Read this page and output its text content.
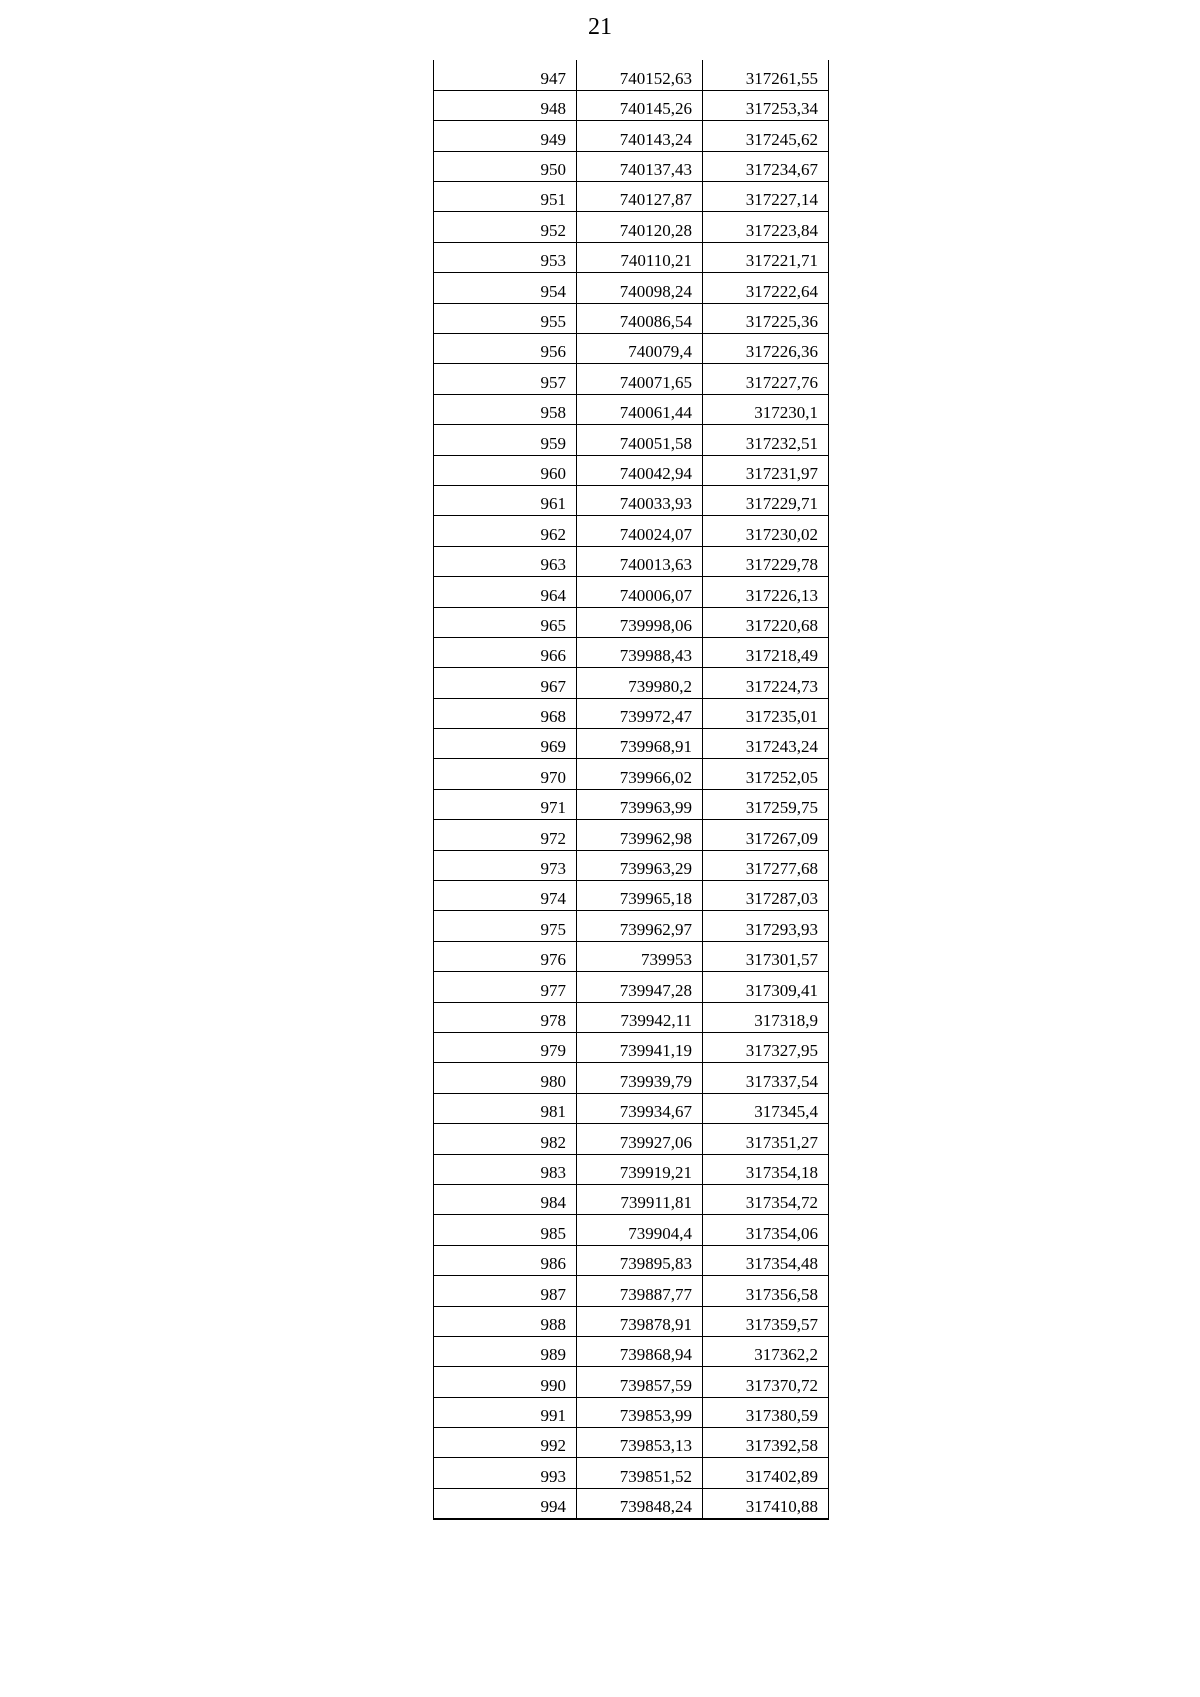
21
947	740152,63	317261,55
948	740145,26	317253,34
949	740143,24	317245,62
950	740137,43	317234,67
951	740127,87	317227,14
952	740120,28	317223,84
953	740110,21	317221,71
954	740098,24	317222,64
955	740086,54	317225,36
956	740079,4	317226,36
957	740071,65	317227,76
958	740061,44	317230,1
959	740051,58	317232,51
960	740042,94	317231,97
961	740033,93	317229,71
962	740024,07	317230,02
963	740013,63	317229,78
964	740006,07	317226,13
965	739998,06	317220,68
966	739988,43	317218,49
967	739980,2	317224,73
968	739972,47	317235,01
969	739968,91	317243,24
970	739966,02	317252,05
971	739963,99	317259,75
972	739962,98	317267,09
973	739963,29	317277,68
974	739965,18	317287,03
975	739962,97	317293,93
976	739953	317301,57
977	739947,28	317309,41
978	739942,11	317318,9
979	739941,19	317327,95
980	739939,79	317337,54
981	739934,67	317345,4
982	739927,06	317351,27
983	739919,21	317354,18
984	739911,81	317354,72
985	739904,4	317354,06
986	739895,83	317354,48
987	739887,77	317356,58
988	739878,91	317359,57
989	739868,94	317362,2
990	739857,59	317370,72
991	739853,99	317380,59
992	739853,13	317392,58
993	739851,52	317402,89
994	739848,24	317410,88
